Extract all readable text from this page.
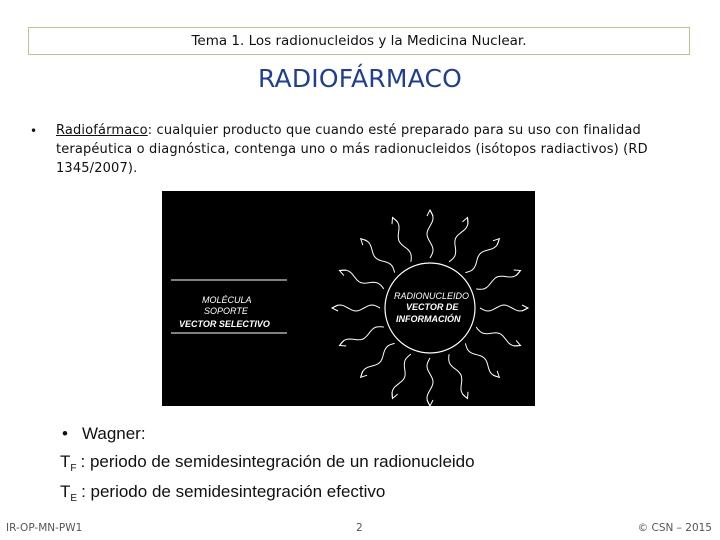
Tema 1. Los radionucleidos y la Medicina Nuclear.
RADIOFÁRMACO
• Radiofármaco: cualquier producto que cuando esté preparado para su uso con finalidad terapéutica o diagnóstica, contenga uno o más radionucleidos (isótopos radiactivos) (RD 1345/2007).
MOLÉCULA
SOPORTE
VECTOR SELECTIVO
RADIONUCLEIDO
VECTOR DE
INFORMACIÓN
• Wagner:
$T_F$ : periodo de semidesintegración de un radionucleido
$T_E$ : periodo de semidesintegración efectivo
IR-OP-MN-PW1	2	© CSN – 2015
